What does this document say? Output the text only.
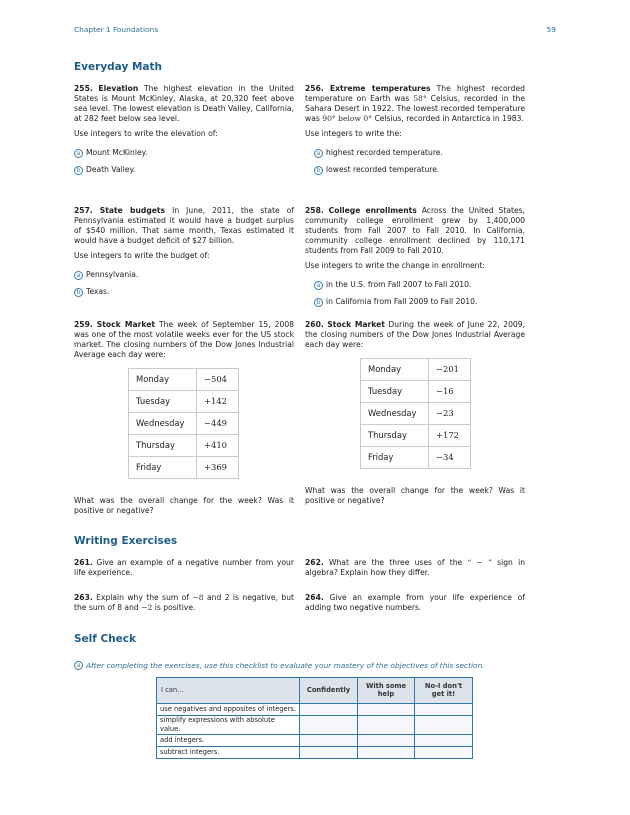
Chapter 1 Foundations	59
Everyday Math
255. Elevation The highest elevation in the United States is Mount McKinley, Alaska, at 20,320 feet above sea level. The lowest elevation is Death Valley, California, at 282 feet below sea level.
Use integers to write the elevation of:
a Mount McKinley.
b Death Valley.
256. Extreme temperatures The highest recorded temperature on Earth was 58° Celsius, recorded in the Sahara Desert in 1922. The lowest recorded temperature was 90° below 0° Celsius, recorded in Antarctica in 1983.
Use integers to write the:
a highest recorded temperature.
b lowest recorded temperature.
257. State budgets In June, 2011, the state of Pennsylvania estimated it would have a budget surplus of $540 million. That same month, Texas estimated it would have a budget deficit of $27 billion.
Use integers to write the budget of:
a Pennsylvania.
b Texas.
258. College enrollments Across the United States, community college enrollment grew by 1,400,000 students from Fall 2007 to Fall 2010. In California, community college enrollment declined by 110,171 students from Fall 2009 to Fall 2010.
Use integers to write the change in enrollment:
a in the U.S. from Fall 2007 to Fall 2010.
b in California from Fall 2009 to Fall 2010.
259. Stock Market The week of September 15, 2008 was one of the most volatile weeks ever for the US stock market. The closing numbers of the Dow Jones Industrial Average each day were:
Monday	−504
Tuesday	+142
Wednesday	−449
Thursday	+410
Friday	+369
What was the overall change for the week? Was it positive or negative?
260. Stock Market During the week of June 22, 2009, the closing numbers of the Dow Jones Industrial Average each day were:
Monday	−201
Tuesday	−16
Wednesday	−23
Thursday	+172
Friday	−34
What was the overall change for the week? Was it positive or negative?
Writing Exercises
261. Give an example of a negative number from your life experience.
262. What are the three uses of the “ − ” sign in algebra? Explain how they differ.
263. Explain why the sum of −8 and 2 is negative, but the sum of 8 and −2 is positive.
264. Give an example from your life experience of adding two negative numbers.
Self Check
a After completing the exercises, use this checklist to evaluate your mastery of the objectives of this section.
I can...	Confidently	With some help	No-I don't get it!
use negatives and opposites of integers.			
simplify expressions with absolute value.			
add integers.			
subtract integers.			
